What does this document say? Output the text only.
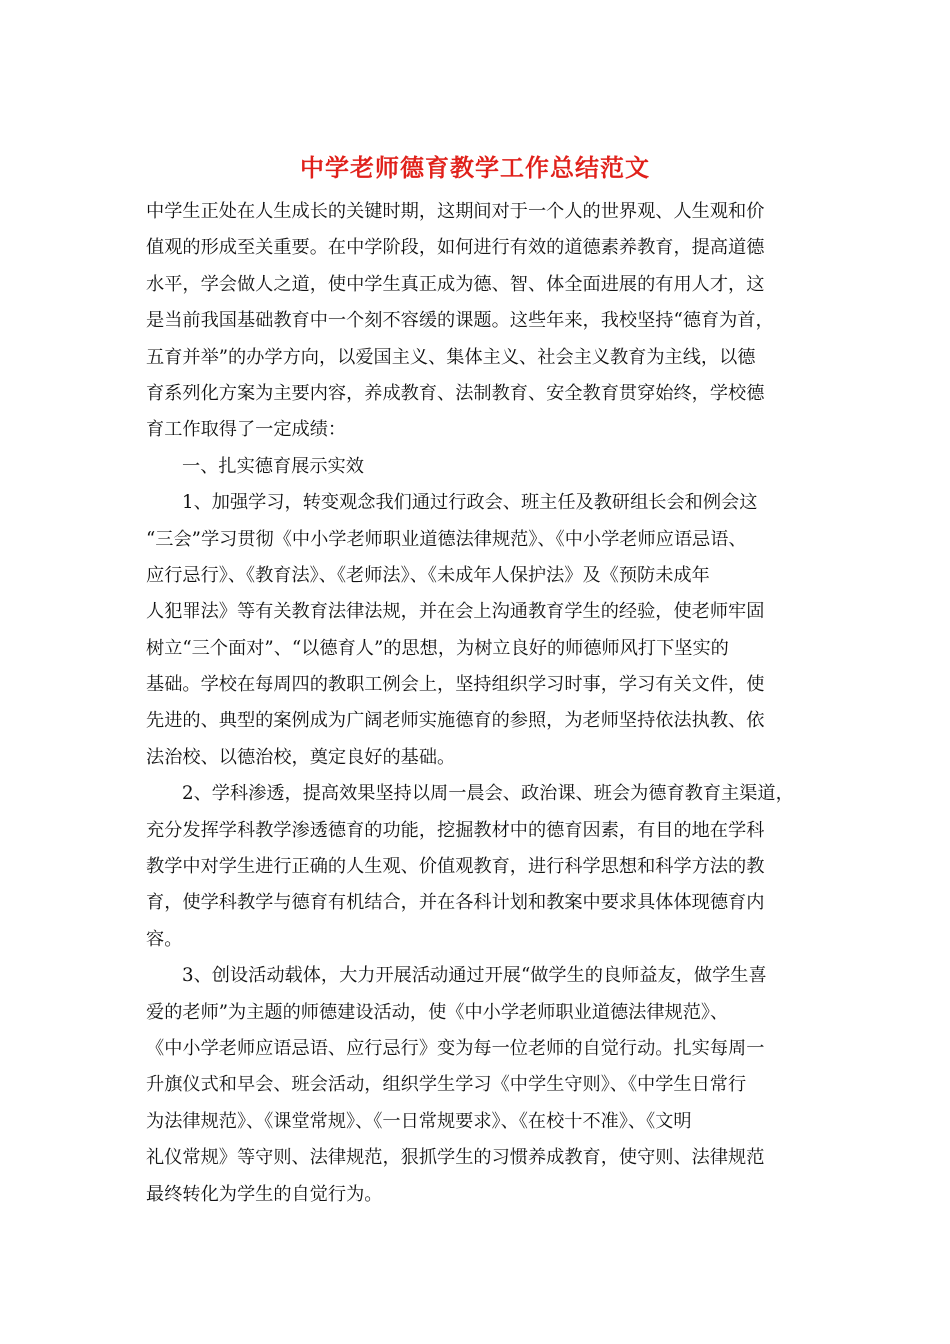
中学老师德育教学工作总结范文
中学生正处在人生成长的关键时期，这期间对于一个人的世界观、人生观和价
值观的形成至关重要。在中学阶段，如何进行有效的道德素养教育，提高道德
水平，学会做人之道，使中学生真正成为德、智、体全面进展的有用人才，这
是当前我国基础教育中一个刻不容缓的课题。这些年来，我校坚持“德育为首，
五育并举”的办学方向，以爱国主义、集体主义、社会主义教育为主线，以德
育系列化方案为主要内容，养成教育、法制教育、安全教育贯穿始终，学校德
育工作取得了一定成绩：
一、扎实德育展示实效
1、加强学习，转变观念我们通过行政会、班主任及教研组长会和例会这
“三会”学习贯彻《中小学老师职业道德法律规范》、《中小学老师应语忌语、
应行忌行》、《教育法》、《老师法》、《未成年人保护法》及《预防未成年
人犯罪法》等有关教育法律法规，并在会上沟通教育学生的经验，使老师牢固
树立“三个面对”、“以德育人”的思想，为树立良好的师德师风打下坚实的
基础。学校在每周四的教职工例会上，坚持组织学习时事，学习有关文件，使
先进的、典型的案例成为广阔老师实施德育的参照，为老师坚持依法执教、依
法治校、以德治校，奠定良好的基础。
2、学科渗透，提高效果坚持以周一晨会、政治课、班会为德育教育主渠道，
充分发挥学科教学渗透德育的功能，挖掘教材中的德育因素，有目的地在学科
教学中对学生进行正确的人生观、价值观教育，进行科学思想和科学方法的教
育，使学科教学与德育有机结合，并在各科计划和教案中要求具体体现德育内
容。
3、创设活动载体，大力开展活动通过开展“做学生的良师益友，做学生喜
爱的老师”为主题的师德建设活动，使《中小学老师职业道德法律规范》、
《中小学老师应语忌语、应行忌行》变为每一位老师的自觉行动。扎实每周一
升旗仪式和早会、班会活动，组织学生学习《中学生守则》、《中学生日常行
为法律规范》、《课堂常规》、《一日常规要求》、《在校十不准》、《文明
礼仪常规》等守则、法律规范，狠抓学生的习惯养成教育，使守则、法律规范
最终转化为学生的自觉行为。
